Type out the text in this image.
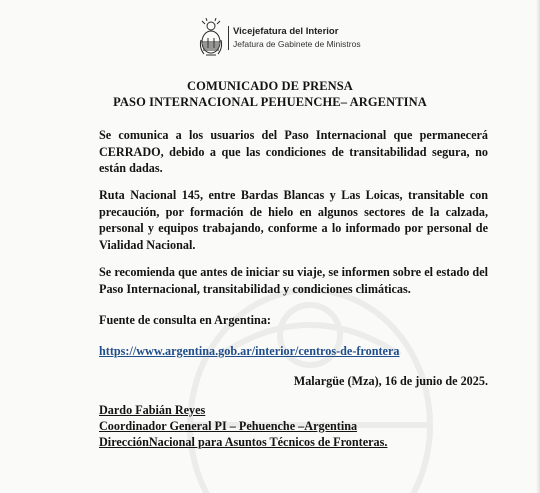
Vicejefatura del Interior
Jefatura de Gabinete de Ministros
COMUNICADO DE PRENSA
PASO INTERNACIONAL PEHUENCHE– ARGENTINA
Se comunica a los usuarios del Paso Internacional que permanecerá CERRADO, debido a que las condiciones de transitabilidad segura, no están dadas.
Ruta Nacional 145, entre Bardas Blancas y Las Loicas, transitable con precaución, por formación de hielo en algunos sectores de la calzada, personal y equipos trabajando, conforme a lo informado por personal de Vialidad Nacional.
Se recomienda que antes de iniciar su viaje, se informen sobre el estado del Paso Internacional, transitabilidad y condiciones climáticas.
Fuente de consulta en Argentina:
https://www.argentina.gob.ar/interior/centros-de-frontera
Malargüe (Mza), 16 de junio de 2025.
Dardo Fabián Reyes
Coordinador General PI – Pehuenche –Argentina
DirecciónNacional para Asuntos Técnicos de Fronteras.
